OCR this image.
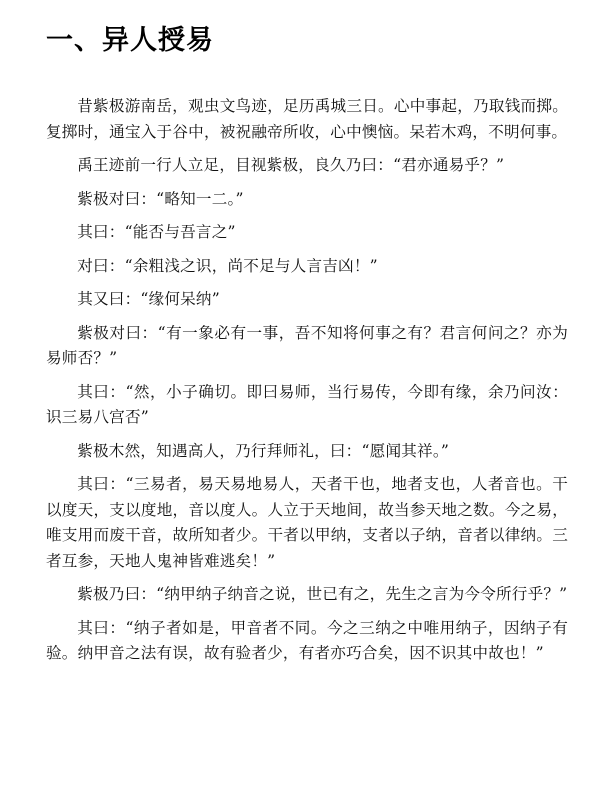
一、异人授易

昔紫极游南岳，观虫文鸟迹，足历禹城三日。心中事起，乃取钱而掷。复掷时，通宝入于谷中，被祝融帝所收，心中懊恼。呆若木鸡，不明何事。

禹王迹前一行人立足，目视紫极，良久乃曰：“君亦通易乎？”

紫极对曰：“略知一二。”

其曰：“能否与吾言之”

对曰：“余粗浅之识，尚不足与人言吉凶！”

其又曰：“缘何呆纳”

紫极对曰：“有一象必有一事，吾不知将何事之有？君言何问之？亦为易师否？”

其曰：“然，小子确切。即曰易师，当行易传，今即有缘，余乃问汝：识三易八宫否”

紫极木然，知遇高人，乃行拜师礼，曰：“愿闻其祥。”

其曰：“三易者，易天易地易人，天者干也，地者支也，人者音也。干以度天，支以度地，音以度人。人立于天地间，故当参天地之数。今之易，唯支用而废干音，故所知者少。干者以甲纳，支者以子纳，音者以律纳。三者互参，天地人鬼神皆难逃矣！”

紫极乃曰：“纳甲纳子纳音之说，世已有之，先生之言为今令所行乎？”

其曰：“纳子者如是，甲音者不同。今之三纳之中唯用纳子，因纳子有验。纳甲音之法有误，故有验者少，有者亦巧合矣，因不识其中故也！”
